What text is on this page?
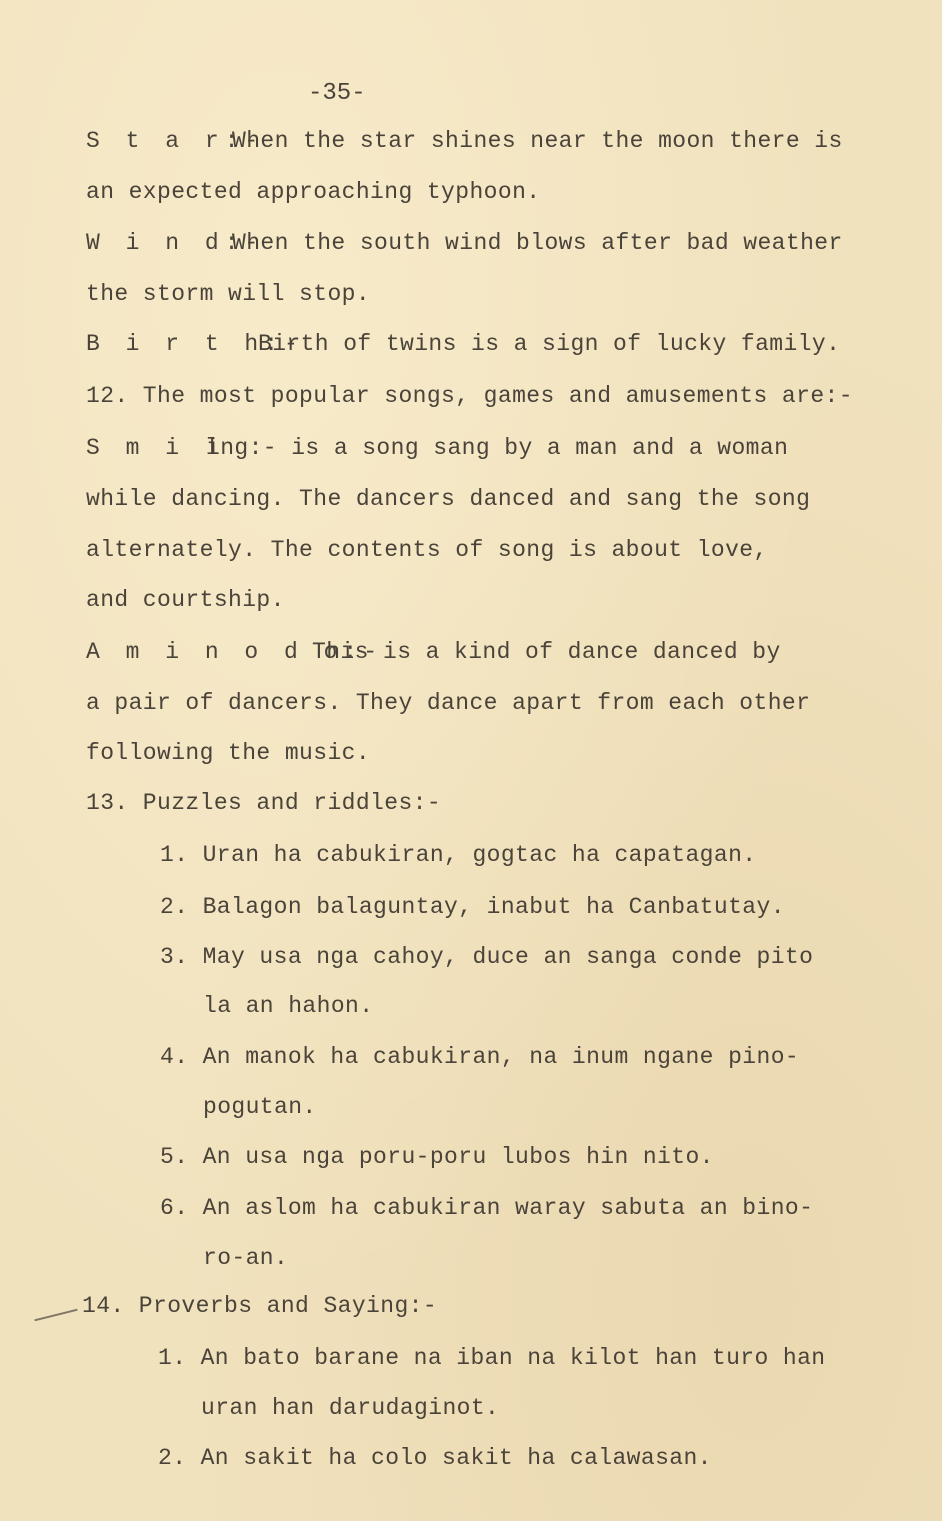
-35-
S t a r:-
When the star shines near the moon there is
an expected approaching typhoon.
W i n d:-
When the south wind blows after bad weather
the storm will stop.
B i r t h:-
Birth of twins is a sign of lucky family.
12. The most popular songs, games and amusements are:-
S m i l
ing:- is a song sang by a man and a woman
while dancing. The dancers danced and sang the song
alternately. The contents of song is about love,
and courtship.
A m i n o d o:-
This is a kind of dance danced by
a pair of dancers. They dance apart from each other
following the music.
13. Puzzles and riddles:-
1. Uran ha cabukiran, gogtac ha capatagan.
2. Balagon balaguntay, inabut ha Canbatutay.
3. May usa nga cahoy, duce an sanga conde pito
la an hahon.
4. An manok ha cabukiran, na inum ngane pino-
pogutan.
5. An usa nga poru-poru lubos hin nito.
6. An aslom ha cabukiran waray sabuta an bino-
ro-an.
14. Proverbs and Saying:-
1. An bato barane na iban na kilot han turo han
uran han darudaginot.
2. An sakit ha colo sakit ha calawasan.
